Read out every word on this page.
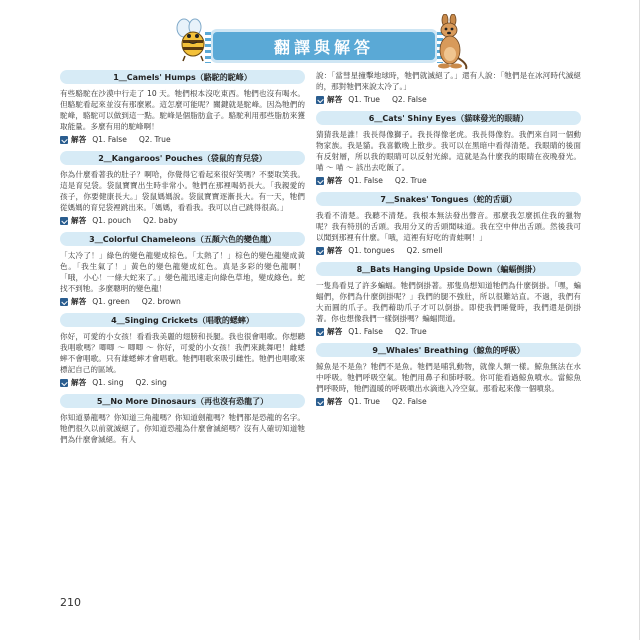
翻譯與解答
1＿Camels' Humps（駱駝的駝峰）

有些駱駝在沙漠中行走了 10 天。牠們根本沒吃東西。牠們也沒有喝水。但駱駝看起來並沒有那麼累。這怎麼可能呢？關鍵就是駝峰。因為牠們的駝峰，駱駝可以做到這一點。駝峰是個脂肪盒子。駱駝利用那些脂肪來獲取能量。多麼有用的駝峰啊！

解答 Q1. False Q2. True
2＿Kangaroos' Pouches（袋鼠的育兒袋）

你為什麼看著我的肚子？啊哈，你覺得它看起來很好笑嗎？不要取笑我。這是育兒袋。袋鼠寶寶出生時非常小。牠們在那裡喝奶長大。「我親愛的孩子，你要健康長大。」袋鼠媽媽說。袋鼠寶寶逐漸長大。有一天，牠們從媽媽的育兒袋裡跳出來。「媽媽，看看我。我可以自己跳得很高。」

解答 Q1. pouch Q2. baby
3＿Colorful Chameleons（五顏六色的變色龍）

「太冷了！」綠色的變色龍變成棕色。「太熱了！」棕色的變色龍變成黃色。「我生氣了！」黃色的變色龍變成紅色。真是多彩的變色龍啊！「哦，小心！一條大蛇來了。」變色龍迅速走向綠色草地，變成綠色。蛇找不到牠。多麼聰明的變色龍！

解答 Q1. green Q2. brown
4＿Singing Crickets（唱歌的蟋蟀）

你好，可愛的小女孩！看看我美麗的翅膀和長腿。我也很會唱歌。你想聽我唱歌嗎？唧唧 ～ 唧唧 ～ 你好，可愛的小女孩！我們來跳舞吧！雌蟋蟀不會唱歌。只有雄蟋蟀才會唱歌。牠們唱歌來吸引雌性。牠們也唱歌來標記自己的區域。

解答 Q1. sing Q2. sing
5＿No More Dinosaurs（再也沒有恐龍了）

你知道暴龍嗎？你知道三角龍嗎？你知道劍龍嗎？牠們都是恐龍的名字。牠們很久以前就滅絕了。你知道恐龍為什麼會滅絕嗎？沒有人確切知道牠們為什麼會滅絕。有人

說：「當彗星撞擊地球時，牠們就滅絕了。」還有人說：「牠們是在冰河時代滅絕的，那對牠們來說太冷了。」

解答 Q1. True Q2. False
6＿Cats' Shiny Eyes（貓咪發光的眼睛）

猜猜我是誰！我長得像獅子。我長得像老虎。我長得像豹。我們來自同一個動物家族。我是貓。我喜歡晚上散步。我可以在黑暗中看得清楚。我眼睛的後面有反射層，所以我的眼睛可以反射光線。這就是為什麼我的眼睛在夜晚發光。喵 ～ 喵 ～ 該出去吃飯了。

解答 Q1. False Q2. True
7＿Snakes' Tongues（蛇的舌頭）

我看不清楚。我聽不清楚。我根本無法發出聲音。那麼我怎麼抓住我的獵物呢？我有特別的舌頭。我用分叉的舌頭聞味道。我在空中伸出舌頭。然後我可以聞到那裡有什麼。「哦，這裡有好吃的青蛙啊！」

解答 Q1. tongues Q2. smell
8＿Bats Hanging Upside Down（蝙蝠倒掛）

一隻鳥看見了許多蝙蝠。牠們倒掛著。那隻鳥想知道牠們為什麼倒掛。「嘿，蝙蝠們，你們為什麼倒掛呢？」我們的腿不強壯，所以很難站直。不過，我們有大而圓的爪子。我們藉助爪子才可以倒掛。即使我們睡覺時，我們還是倒掛著。你也想像我們一樣倒掛嗎？蝙蝠問道。

解答 Q1. False Q2. True
9＿Whales' Breathing（鯨魚的呼吸）

鯨魚是不是魚？牠們不是魚。牠們是哺乳動物，就像人類一樣。鯨魚無法在水中呼吸。牠們呼吸空氣。牠們用鼻子和肺呼吸。你可能看過鯨魚噴水。當鯨魚們呼吸時，牠們溫暖的呼吸噴出水滴進入冷空氣。那看起來像一個噴泉。

解答 Q1. True Q2. False
210
